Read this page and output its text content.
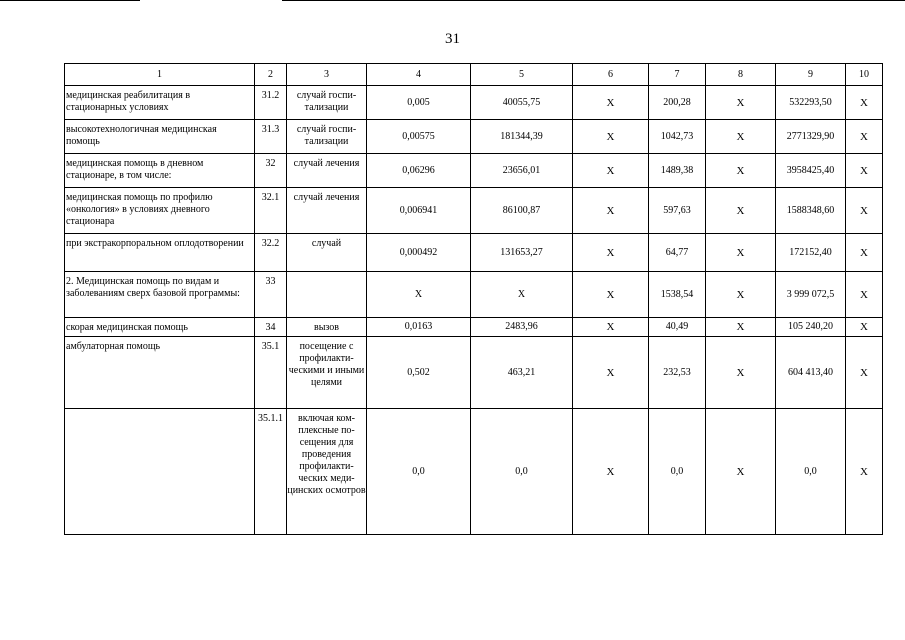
31
1	2	3	4	5	6	7	8	9	10
медицинская реабилитация в стационарных условиях	31.2	случай госпи-тализации	0,005	40055,75	X	200,28	X	532293,50	X
высокотехнологичная медицинская помощь	31.3	случай госпи-тализации	0,00575	181344,39	X	1042,73	X	2771329,90	X
медицинская помощь в дневном стационаре, в том числе:	32	случай лечения	0,06296	23656,01	X	1489,38	X	3958425,40	X
медицинская помощь по профилю «онкология» в условиях дневного стационара	32.1	случай лечения	0,006941	86100,87	X	597,63	X	1588348,60	X
при экстракорпоральном оплодотворении	32.2	случай	0,000492	131653,27	X	64,77	X	172152,40	X
2. Медицинская помощь по видам и заболеваниям сверх базовой программы:	33		X	X	X	1538,54	X	3 999 072,5	X
скорая медицинская помощь	34	вызов	0,0163	2483,96	X	40,49	X	105 240,20	X
амбулаторная помощь	35.1	посещение с профилакти-ческими и иными целями	0,502	463,21	X	232,53	X	604 413,40	X
	35.1.1	включая ком-плексные по-сещения для проведения профилакти-ческих меди-цинских осмотров	0,0	0,0	X	0,0	X	0,0	X
